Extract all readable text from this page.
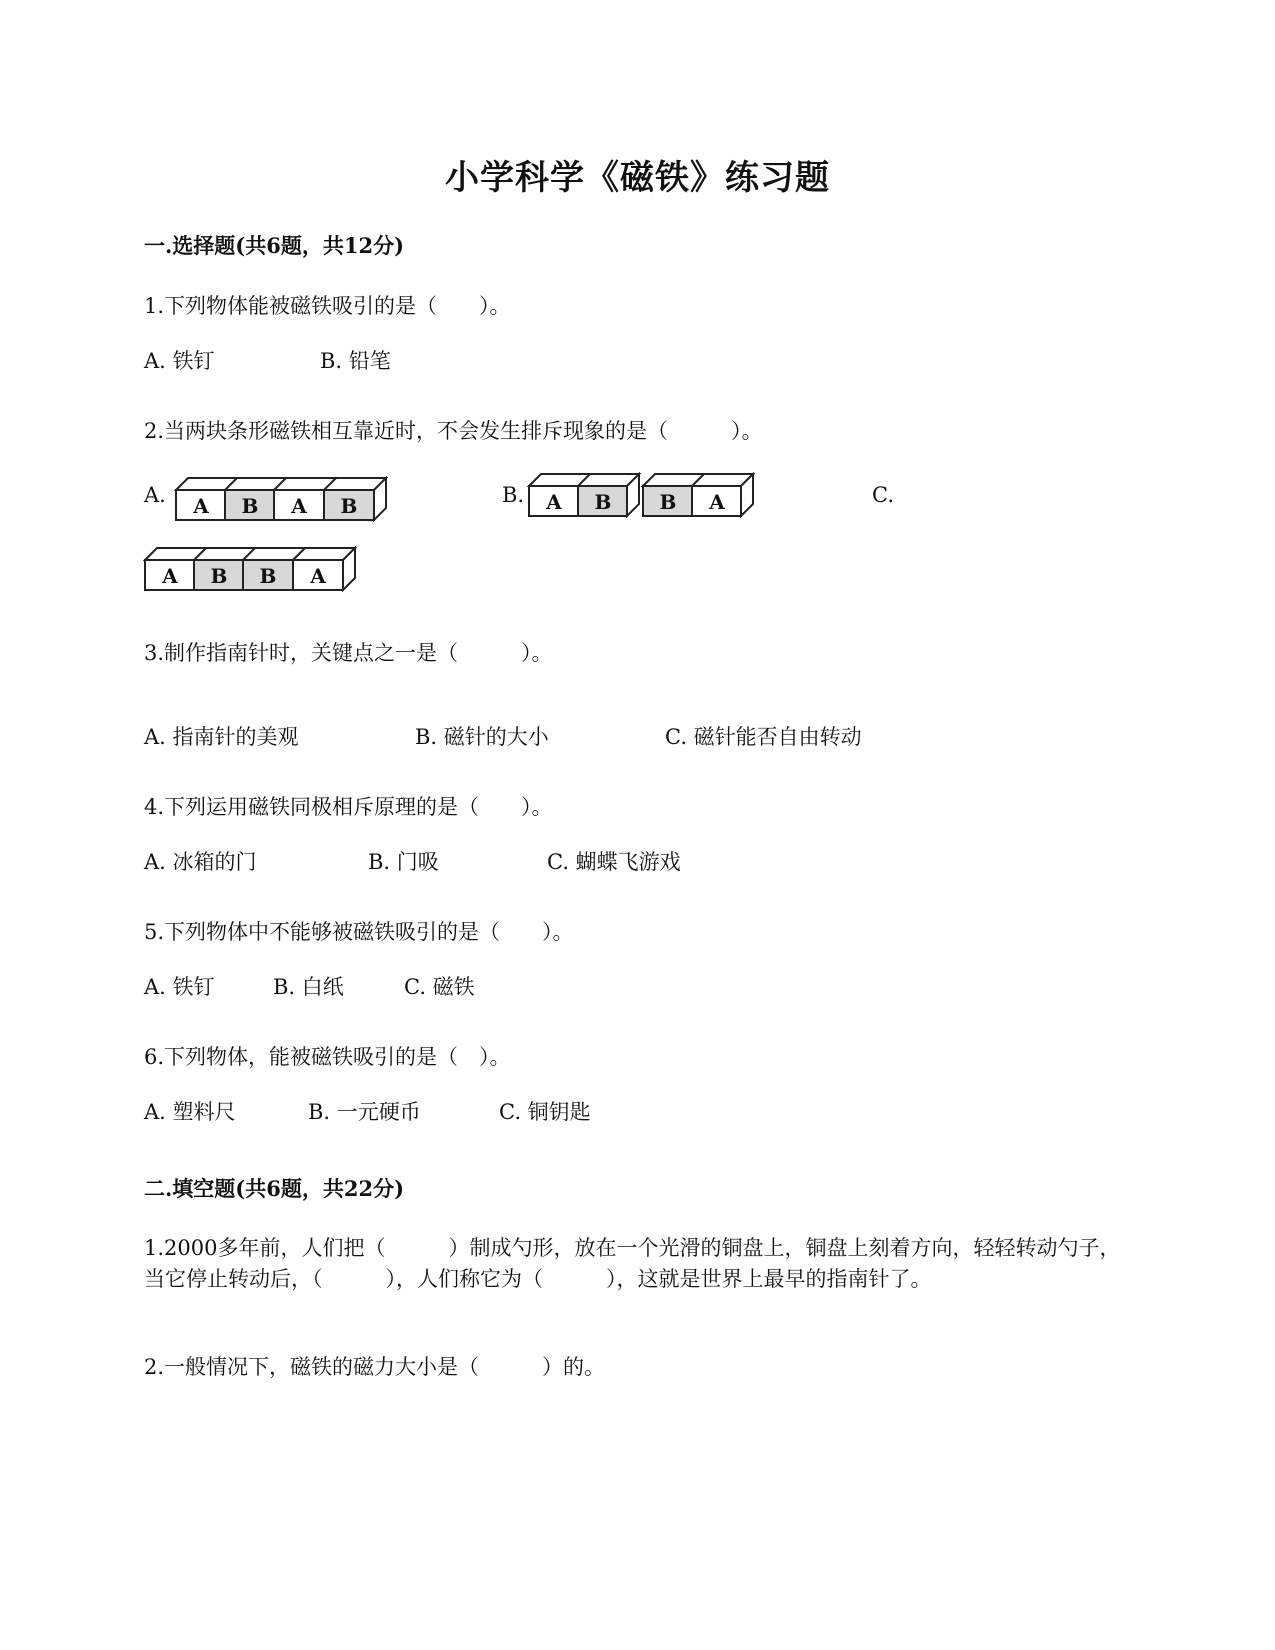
小学科学《磁铁》练习题
一.选择题(共6题，共12分)
1.下列物体能被磁铁吸引的是（　　）。
A. 铁钉	B. 铅笔
2.当两块条形磁铁相互靠近时，不会发生排斥现象的是（　　　）。
A.	B.	C.
A B A B	A B B A
A B B A
3.制作指南针时，关键点之一是（　　　）。
A. 指南针的美观	B. 磁针的大小	C. 磁针能否自由转动
4.下列运用磁铁同极相斥原理的是（　　）。
A. 冰箱的门	B. 门吸	C. 蝴蝶飞游戏
5.下列物体中不能够被磁铁吸引的是（　　）。
A. 铁钉	B. 白纸	C. 磁铁
6.下列物体，能被磁铁吸引的是（　）。
A. 塑料尺	B. 一元硬币	C. 铜钥匙
二.填空题(共6题，共22分)
1.2000多年前，人们把（　　　）制成勺形，放在一个光滑的铜盘上，铜盘上刻着方向，轻轻转动勺子，当它停止转动后，（　　　），人们称它为（　　　），这就是世界上最早的指南针了。
2.一般情况下，磁铁的磁力大小是（　　　）的。
